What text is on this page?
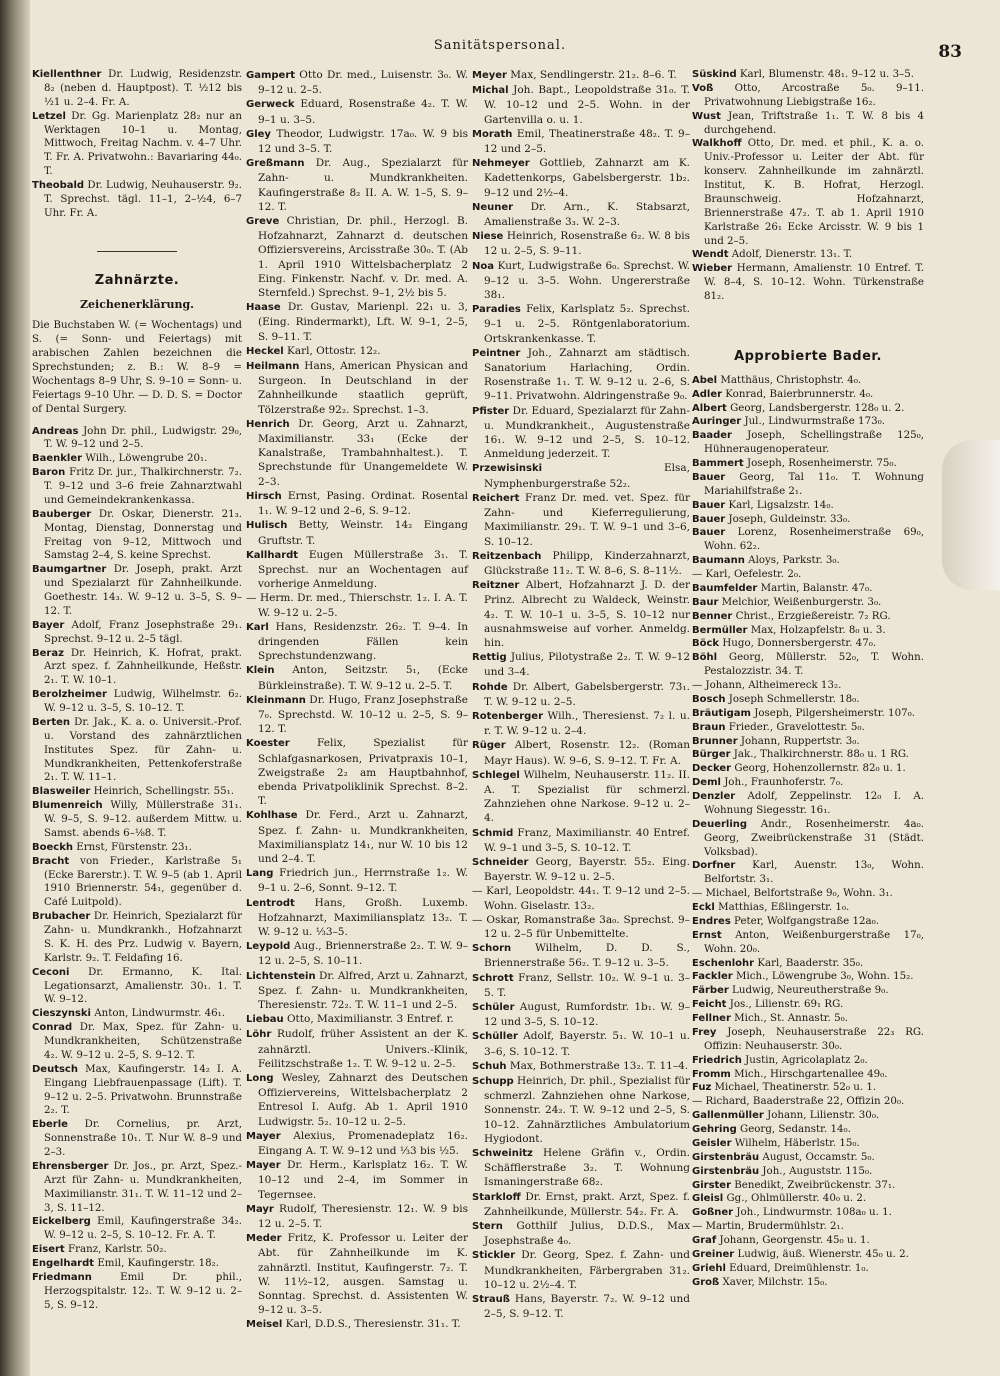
Sanitätspersonal.	83

Kiellenthner Dr. Ludwig, Residenzstr. 8₂ (neben d. Hauptpost). T. ½12 bis ½1 u. 2–4. Fr. A.

Letzel Dr. Gg. Marienplatz 28₂ nur an Werktagen 10–1 u. Montag, Mittwoch, Freitag Nachm. v. 4–7 Uhr. T. Fr. A. Privatwohn.: Bavariaring 44₀. T.

Theobald Dr. Ludwig, Neuhauserstr. 9₂. T. Sprechst. tägl. 11–1, 2–½4, 6–7 Uhr. Fr. A.

Zahnärzte.
Zeichenerklärung.

Die Buchstaben W. (= Wochentags) und S. (= Sonn- und Feiertags) mit arabischen Zahlen bezeichnen die Sprechstunden; z. B.: W. 8–9 = Wochentags 8–9 Uhr, S. 9–10 = Sonn- u. Feiertags 9–10 Uhr. — D. D. S. = Doctor of Dental Surgery.

Andreas John Dr. phil., Ludwigstr. 29₀, T. W. 9–12 und 2–5.

Baenkler Wilh., Löwengrube 20₁.

Baron Fritz Dr. jur., Thalkirchnerstr. 7₂. T. 9–12 und 3–6 freie Zahnarztwahl und Gemeindekrankenkassa.

Bauberger Dr. Oskar, Dienerstr. 21₃. Montag, Dienstag, Donnerstag und Freitag von 9–12, Mittwoch und Samstag 2–4, S. keine Sprechst.

Baumgartner Dr. Joseph, prakt. Arzt und Spezialarzt für Zahnheilkunde. Goethestr. 14₃. W. 9–12 u. 3–5, S. 9–12. T.

Bayer Adolf, Franz Josephstraße 29₁. Sprechst. 9–12 u. 2–5 tägl.

Beraz Dr. Heinrich, K. Hofrat, prakt. Arzt spez. f. Zahnheilkunde, Heßstr. 2₁. T. W. 10–1.

Berolzheimer Ludwig, Wilhelmstr. 6₂. W. 9–12 u. 3–5, S. 10–12. T.

Berten Dr. Jak., K. a. o. Universit.-Prof. u. Vorstand des zahnärztlichen Institutes Spez. für Zahn- u. Mundkrankheiten, Pettenkoferstraße 2₁. T. W. 11–1.

Blasweiler Heinrich, Schellingstr. 55₁.

Blumenreich Willy, Müllerstraße 31₁. W. 9–5, S. 9–12. außerdem Mittw. u. Samst. abends 6–⅛8. T.

Boeckh Ernst, Fürstenstr. 23₁.

Bracht von Frieder., Karlstraße 5₁ (Ecke Barerstr.). T. W. 9–5 (ab 1. April 1910 Briennerstr. 54₁, gegenüber d. Café Luitpold).

Brubacher Dr. Heinrich, Spezialarzt für Zahn- u. Mundkrankh., Hofzahnarzt S. K. H. des Prz. Ludwig v. Bayern, Karlstr. 9₂. T. Feldafing 16.

Ceconi Dr. Ermanno, K. Ital. Legationsarzt, Amalienstr. 30₁. 1. T. W. 9–12.

Cieszynski Anton, Lindwurmstr. 46₁.

Conrad Dr. Max, Spez. für Zahn- u. Mundkrankheiten, Schützenstraße 4₂. W. 9–12 u. 2–5, S. 9–12. T.

Deutsch Max, Kaufingerstr. 14₂ I. A. Eingang Liebfrauenpassage (Lift). T. 9–12 u. 2–5. Privatwohn. Brunnstraße 2₂. T.

Eberle Dr. Cornelius, pr. Arzt, Sonnenstraße 10₁. T. Nur W. 8–9 und 2–3.

Ehrensberger Dr. Jos., pr. Arzt, Spez.-Arzt für Zahn- u. Mundkrankheiten, Maximilianstr. 31₁. T. W. 11–12 und 2–3, S. 11–12.

Eickelberg Emil, Kaufingerstraße 34₂. W. 9–12 u. 2–5, S. 10–12. Fr. A. T.

Eisert Franz, Karlstr. 50₂.

Engelhardt Emil, Kaufingerstr. 18₂.

Friedmann Emil Dr. phil., Herzogspitalstr. 12₂. T. W. 9–12 u. 2–5, S. 9–12.

Gampert Otto Dr. med., Luisenstr. 3₀. W. 9–12 u. 2–5.

Gerweck Eduard, Rosenstraße 4₂. T. W. 9–1 u. 3–5.

Gley Theodor, Ludwigstr. 17a₀. W. 9 bis 12 und 3–5. T.

Greßmann Dr. Aug., Spezialarzt für Zahn- u. Mundkrankheiten. Kaufingerstraße 8₂ II. A. W. 1–5, S. 9–12. T.

Greve Christian, Dr. phil., Herzogl. B. Hofzahnarzt, Zahnarzt d. deutschen Offiziersvereins, Arcisstraße 30₀. T. (Ab 1. April 1910 Wittelsbacherplatz 2 Eing. Finkenstr. Nachf. v. Dr. med. A. Sternfeld.) Sprechst. 9–1, 2½ bis 5.

Haase Dr. Gustav, Marienpl. 22₁ u. 3, (Eing. Rindermarkt), Lft. W. 9–1, 2–5, S. 9–11. T.

Heckel Karl, Ottostr. 12₂.

Heilmann Hans, American Physican and Surgeon. In Deutschland in der Zahnheilkunde staatlich geprüft, Tölzerstraße 92₂. Sprechst. 1–3.

Henrich Dr. Georg, Arzt u. Zahnarzt, Maximilianstr. 33₁ (Ecke der Kanalstraße, Trambahnhaltest.). T. Sprechstunde für Unangemeldete W. 2–3.

Hirsch Ernst, Pasing. Ordinat. Rosental 1₁. W. 9–12 und 2–6, S. 9–12.

Hulisch Betty, Weinstr. 14₂ Eingang Gruftstr. T.

Kallhardt Eugen Müllerstraße 3₁. T. Sprechst. nur an Wochentagen auf vorherige Anmeldung.

— Herm. Dr. med., Thierschstr. 1₂. I. A. T. W. 9–12 u. 2–5.

Karl Hans, Residenzstr. 26₂. T. 9–4. In dringenden Fällen kein Sprechstundenzwang.

Klein Anton, Seitzstr. 5₁, (Ecke Bürkleinstraße). T. W. 9–12 u. 2–5. T.

Kleinmann Dr. Hugo, Franz Josephstraße 7₀. Sprechstd. W. 10–12 u. 2–5, S. 9–12. T.

Koester Felix, Spezialist für Schlafgasnarkosen, Privatpraxis 10–1, Zweigstraße 2₂ am Hauptbahnhof, ebenda Privatpoliklinik Sprechst. 8–2. T.

Kohlhase Dr. Ferd., Arzt u. Zahnarzt, Spez. f. Zahn- u. Mundkrankheiten, Maximiliansplatz 14₁, nur W. 10 bis 12 und 2–4. T.

Lang Friedrich jun., Herrnstraße 1₂. W. 9–1 u. 2–6, Sonnt. 9–12. T.

Lentrodt Hans, Großh. Luxemb. Hofzahnarzt, Maximiliansplatz 13₂. T. W. 9–12 u. ⅓3–5.

Leypold Aug., Briennerstraße 2₂. T. W. 9–12 u. 2–5, S. 10–11.

Lichtenstein Dr. Alfred, Arzt u. Zahnarzt, Spez. f. Zahn- u. Mundkrankheiten, Theresienstr. 72₂. T. W. 11–1 und 2–5.

Liebau Otto, Maximilianstr. 3 Entref. r.

Löhr Rudolf, früher Assistent an der K. zahnärztl. Univers.-Klinik, Feilitzschstraße 1₂. T. W. 9–12 u. 2–5.

Long Wesley, Zahnarzt des Deutschen Offiziervereins, Wittelsbacherplatz 2 Entresol I. Aufg. Ab 1. April 1910 Ludwigstr. 5₂. 10–12 u. 2–5.

Mayer Alexius, Promenadeplatz 16₂. Eingang A. T. W. 9–12 und ⅓3 bis ½5.

Mayer Dr. Herm., Karlsplatz 16₂. T. W. 10–12 und 2–4, im Sommer in Tegernsee.

Mayr Rudolf, Theresienstr. 12₁. W. 9 bis 12 u. 2–5. T.

Meder Fritz, K. Professor u. Leiter der Abt. für Zahnheilkunde im K. zahnärztl. Institut, Kaufingerstr. 7₂. T. W. 11½–12, ausgen. Samstag u. Sonntag. Sprechst. d. Assistenten W. 9–12 u. 3–5.

Meisel Karl, D.D.S., Theresienstr. 31₁. T.

Meyer Max, Sendlingerstr. 21₂. 8–6. T.

Michal Joh. Bapt., Leopoldstraße 31₀. T. W. 10–12 und 2–5. Wohn. in der Gartenvilla o. u. 1.

Morath Emil, Theatinerstraße 48₂. T. 9–12 und 2–5.

Nehmeyer Gottlieb, Zahnarzt am K. Kadettenkorps, Gabelsbergerstr. 1b₂. 9–12 und 2½–4.

Neuner Dr. Arn., K. Stabsarzt, Amalienstraße 3₃. W. 2–3.

Niese Heinrich, Rosenstraße 6₂. W. 8 bis 12 u. 2–5, S. 9–11.

Noa Kurt, Ludwigstraße 6₀. Sprechst. W. 9–12 u. 3–5. Wohn. Ungererstraße 38₁.

Paradies Felix, Karlsplatz 5₂. Sprechst. 9–1 u. 2–5. Röntgenlaboratorium. Ortskrankenkasse. T.

Peintner Joh., Zahnarzt am städtisch. Sanatorium Harlaching, Ordin. Rosenstraße 1₁. T. W. 9–12 u. 2–6, S. 9–11. Privatwohn. Aldringenstraße 9₀.

Pfister Dr. Eduard, Spezialarzt für Zahn- u. Mundkrankheit., Augustenstraße 16₁. W. 9–12 und 2–5, S. 10–12. Anmeldung jederzeit. T.

Przewisinski Elsa, Nymphenburgerstraße 52₂.

Reichert Franz Dr. med. vet. Spez. für Zahn- und Kieferregulierung, Maximilianstr. 29₁. T. W. 9–1 und 3–6, S. 10–12.

Reitzenbach Philipp, Kinderzahnarzt, Glückstraße 11₂. T. W. 8–6, S. 8–11½.

Reitzner Albert, Hofzahnarzt J. D. der Prinz. Albrecht zu Waldeck, Weinstr. 4₂. T. W. 10–1 u. 3–5, S. 10–12 nur ausnahmsweise auf vorher. Anmeldg. hin.

Rettig Julius, Pilotystraße 2₂. T. W. 9–12 und 3–4.

Rohde Dr. Albert, Gabelsbergerstr. 73₁. T. W. 9–12 u. 2–5.

Rotenberger Wilh., Theresienst. 7₂ l. u. r. T. W. 9–12 u. 2–4.

Rüger Albert, Rosenstr. 12₂. (Roman Mayr Haus). W. 9–6, S. 9–12. T. Fr. A.

Schlegel Wilhelm, Neuhauserstr. 11₂. II. A. T. Spezialist für schmerzl. Zahnziehen ohne Narkose. 9–12 u. 2–4.

Schmid Franz, Maximilianstr. 40 Entref. W. 9–1 und 3–5, S. 10–12. T.

Schneider Georg, Bayerstr. 55₂. Eing. Bayerstr. W. 9–12 u. 2–5.

— Karl, Leopoldstr. 44₁. T. 9–12 und 2–5. Wohn. Giselastr. 13₂.

— Oskar, Romanstraße 3a₀. Sprechst. 9–12 u. 2–5 für Unbemittelte.

Schorn Wilhelm, D. D. S., Briennerstraße 56₂. T. 9–12 u. 3–5.

Schrott Franz, Sellstr. 10₂. W. 9–1 u. 3–5. T.

Schüler August, Rumfordstr. 1b₁. W. 9–12 und 3–5, S. 10–12.

Schüller Adolf, Bayerstr. 5₁. W. 10–1 u. 3–6, S. 10–12. T.

Schuh Max, Bothmerstraße 13₂. T. 11–4.

Schupp Heinrich, Dr. phil., Spezialist für schmerzl. Zahnziehen ohne Narkose, Sonnenstr. 24₂. T. W. 9–12 und 2–5, S. 10–12. Zahnärztliches Ambulatorium Hygiodont.

Schweinitz Helene Gräfin v., Ordin. Schäfflerstraße 3₂. T. Wohnung Ismaningerstraße 68₂.

Starkloff Dr. Ernst, prakt. Arzt, Spez. f. Zahnheilkunde, Müllerstr. 54₂. Fr. A.

Stern Gotthilf Julius, D.D.S., Max Josephstraße 4₀.

Stickler Dr. Georg, Spez. f. Zahn- und Mundkrankheiten, Färbergraben 31₂. 10–12 u. 2½–4. T.

Strauß Hans, Bayerstr. 7₂. W. 9–12 und 2–5, S. 9–12. T.

Süskind Karl, Blumenstr. 48₁. 9–12 u. 3–5.

Voß Otto, Arcostraße 5₀. 9–11. Privatwohnung Liebigstraße 16₂.

Wust Jean, Triftstraße 1₁. T. W. 8 bis 4 durchgehend.

Walkhoff Otto, Dr. med. et phil., K. a. o. Univ.-Professor u. Leiter der Abt. für konserv. Zahnheilkunde im zahnärztl. Institut, K. B. Hofrat, Herzogl. Braunschweig. Hofzahnarzt, Briennerstraße 47₂. T. ab 1. April 1910 Karlstraße 26₁ Ecke Arcisstr. W. 9 bis 1 und 2–5.

Wendt Adolf, Dienerstr. 13₁. T.

Wieber Hermann, Amalienstr. 10 Entref. T. W. 8–4, S. 10–12. Wohn. Türkenstraße 81₂.

Approbierte Bader.

Abel Matthäus, Christophstr. 4₀.

Adler Konrad, Baierbrunnerstr. 4₀.

Albert Georg, Landsbergerstr. 128₀ u. 2.

Auringer Jul., Lindwurmstraße 173₀.

Baader Joseph, Schellingstraße 125₀, Hühneraugenoperateur.

Bammert Joseph, Rosenheimerstr. 75₀.

Bauer Georg, Tal 11₀. T. Wohnung Mariahilfstraße 2₁.

Bauer Karl, Ligsalzstr. 14₀.

Bauer Joseph, Guldeinstr. 33₀.

Bauer Lorenz, Rosenheimerstraße 69₀, Wohn. 62₂.

Baumann Aloys, Parkstr. 3₀.

— Karl, Oefelestr. 2₀.

Baumfelder Martin, Balanstr. 47₀.

Baur Melchior, Weißenburgerstr. 3₀.

Benner Christ., Erzgießereistr. 7₂ RG.

Bermüller Max, Holzapfelstr. 8₀ u. 3.

Böck Hugo, Donnersbergerstr. 47₀.

Böhl Georg, Müllerstr. 52₀, T. Wohn. Pestalozzistr. 34. T.

— Johann, Altheimereck 13₂.

Bosch Joseph Schmellerstr. 18₀.

Bräutigam Joseph, Pilgersheimerstr. 107₀.

Braun Frieder., Gravelottestr. 5₀.

Brunner Johann, Ruppertstr. 3₀.

Bürger Jak., Thalkirchnerstr. 88₀ u. 1 RG.

Decker Georg, Hohenzollernstr. 82₀ u. 1.

Deml Joh., Fraunhoferstr. 7₀.

Denzler Adolf, Zeppelinstr. 12₀ I. A. Wohnung Siegesstr. 16₁.

Deuerling Andr., Rosenheimerstr. 4a₀. Georg, Zweibrückenstraße 31 (Städt. Volksbad).

Dorfner Karl, Auenstr. 13₀, Wohn. Belfortstr. 3₁.

— Michael, Belfortstraße 9₀, Wohn. 3₁.

Eckl Matthias, Eßlingerstr. 1₀.

Endres Peter, Wolfgangstraße 12a₀.

Ernst Anton, Weißenburgerstraße 17₀, Wohn. 20₀.

Eschenlohr Karl, Baaderstr. 35₀.

Fackler Mich., Löwengrube 3₀, Wohn. 15₂.

Färber Ludwig, Neureutherstraße 9₀.

Feicht Jos., Lilienstr. 69₁ RG.

Fellner Mich., St. Annastr. 5₀.

Frey Joseph, Neuhauserstraße 22₃ RG. Offizin: Neuhauserstr. 30₀.

Friedrich Justin, Agricolaplatz 2₀.

Fromm Mich., Hirschgartenallee 49₀.

Fuz Michael, Theatinerstr. 52₀ u. 1.

— Richard, Baaderstraße 22, Offizin 20₀.

Gallenmüller Johann, Lilienstr. 30₀.

Gehring Georg, Sedanstr. 14₀.

Geisler Wilhelm, Häberlstr. 15₀.

Girstenbräu August, Occamstr. 5₀.

Girstenbräu Joh., Auguststr. 115₀.

Girster Benedikt, Zweibrückenstr. 37₁.

Gleisl Gg., Ohlmüllerstr. 40₀ u. 2.

Goßner Joh., Lindwurmstr. 108a₀ u. 1.

— Martin, Brudermühlstr. 2₁.

Graf Johann, Georgenstr. 45₀ u. 1.

Greiner Ludwig, äuß. Wienerstr. 45₀ u. 2.

Griehl Eduard, Dreimühlenstr. 1₀.

Groß Xaver, Milchstr. 15₀.
